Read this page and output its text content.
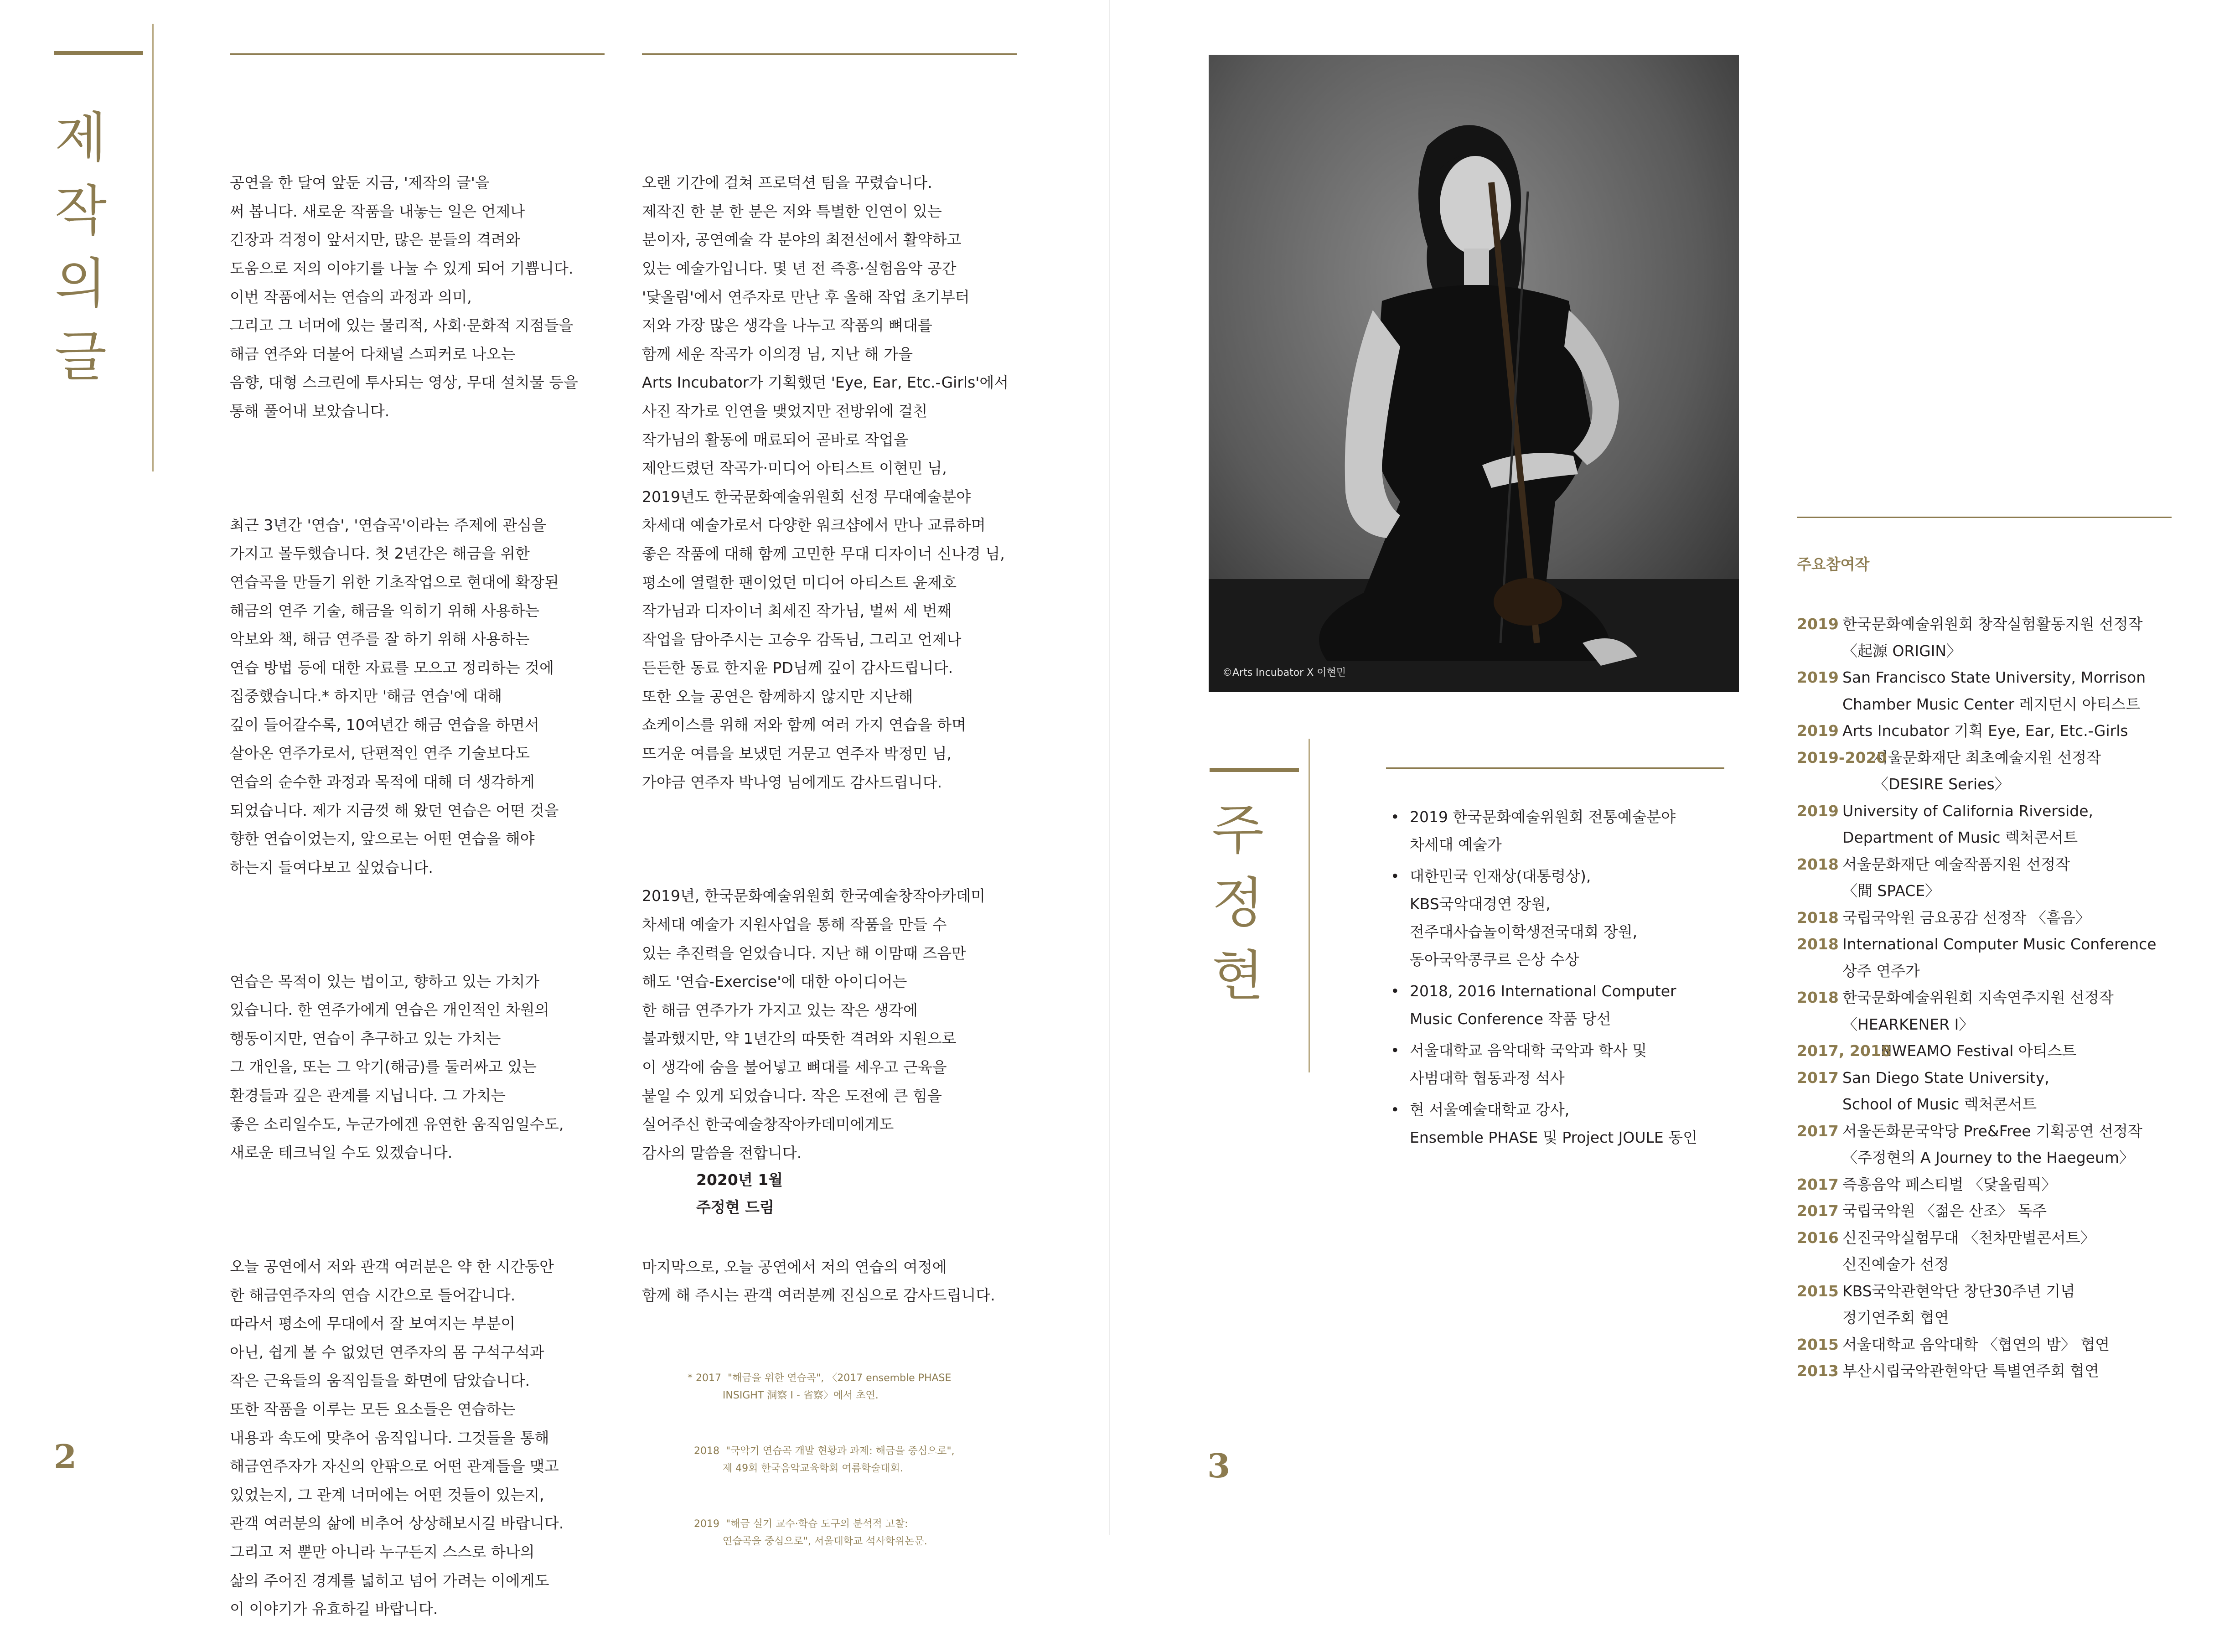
제
작
의
글

공연을 한 달여 앞둔 지금, '제작의 글'을
써 봅니다. 새로운 작품을 내놓는 일은 언제나
긴장과 걱정이 앞서지만, 많은 분들의 격려와
도움으로 저의 이야기를 나눌 수 있게 되어 기쁩니다.
이번 작품에서는 연습의 과정과 의미,
그리고 그 너머에 있는 물리적, 사회·문화적 지점들을
해금 연주와 더불어 다채널 스피커로 나오는
음향, 대형 스크린에 투사되는 영상, 무대 설치물 등을
통해 풀어내 보았습니다.

최근 3년간 '연습', '연습곡'이라는 주제에 관심을
가지고 몰두했습니다. 첫 2년간은 해금을 위한
연습곡을 만들기 위한 기초작업으로 현대에 확장된
해금의 연주 기술, 해금을 익히기 위해 사용하는
악보와 책, 해금 연주를 잘 하기 위해 사용하는
연습 방법 등에 대한 자료를 모으고 정리하는 것에
집중했습니다.* 하지만 '해금 연습'에 대해
깊이 들어갈수록, 10여년간 해금 연습을 하면서
살아온 연주가로서, 단편적인 연주 기술보다도
연습의 순수한 과정과 목적에 대해 더 생각하게
되었습니다. 제가 지금껏 해 왔던 연습은 어떤 것을
향한 연습이었는지, 앞으로는 어떤 연습을 해야
하는지 들여다보고 싶었습니다.

연습은 목적이 있는 법이고, 향하고 있는 가치가
있습니다. 한 연주가에게 연습은 개인적인 차원의
행동이지만, 연습이 추구하고 있는 가치는
그 개인을, 또는 그 악기(해금)를 둘러싸고 있는
환경들과 깊은 관계를 지닙니다. 그 가치는
좋은 소리일수도, 누군가에겐 유연한 움직임일수도,
새로운 테크닉일 수도 있겠습니다.

오늘 공연에서 저와 관객 여러분은 약 한 시간동안
한 해금연주자의 연습 시간으로 들어갑니다.
따라서 평소에 무대에서 잘 보여지는 부분이
아닌, 쉽게 볼 수 없었던 연주자의 몸 구석구석과
작은 근육들의 움직임들을 화면에 담았습니다.
또한 작품을 이루는 모든 요소들은 연습하는
내용과 속도에 맞추어 움직입니다. 그것들을 통해
해금연주자가 자신의 안팎으로 어떤 관계들을 맺고
있었는지, 그 관계 너머에는 어떤 것들이 있는지,
관객 여러분의 삶에 비추어 상상해보시길 바랍니다.
그리고 저 뿐만 아니라 누구든지 스스로 하나의
삶의 주어진 경계를 넓히고 넘어 가려는 이에게도
이 이야기가 유효하길 바랍니다.

오랜 기간에 걸쳐 프로덕션 팀을 꾸렸습니다.
제작진 한 분 한 분은 저와 특별한 인연이 있는
분이자, 공연예술 각 분야의 최전선에서 활약하고
있는 예술가입니다. 몇 년 전 즉흥·실험음악 공간
'닻올림'에서 연주자로 만난 후 올해 작업 초기부터
저와 가장 많은 생각을 나누고 작품의 뼈대를
함께 세운 작곡가 이의경 님, 지난 해 가을
Arts Incubator가 기획했던 'Eye, Ear, Etc.-Girls'에서
사진 작가로 인연을 맺었지만 전방위에 걸친
작가님의 활동에 매료되어 곧바로 작업을
제안드렸던 작곡가·미디어 아티스트 이현민 님,
2019년도 한국문화예술위원회 선정 무대예술분야
차세대 예술가로서 다양한 워크샵에서 만나 교류하며
좋은 작품에 대해 함께 고민한 무대 디자이너 신나경 님,
평소에 열렬한 팬이었던 미디어 아티스트 윤제호
작가님과 디자이너 최세진 작가님, 벌써 세 번째
작업을 담아주시는 고승우 감독님, 그리고 언제나
든든한 동료 한지윤 PD님께 깊이 감사드립니다.
또한 오늘 공연은 함께하지 않지만 지난해
쇼케이스를 위해 저와 함께 여러 가지 연습을 하며
뜨거운 여름을 보냈던 거문고 연주자 박정민 님,
가야금 연주자 박나영 님에게도 감사드립니다.

2019년, 한국문화예술위원회 한국예술창작아카데미
차세대 예술가 지원사업을 통해 작품을 만들 수
있는 추진력을 얻었습니다. 지난 해 이맘때 즈음만
해도 '연습-Exercise'에 대한 아이디어는
한 해금 연주가가 가지고 있는 작은 생각에
불과했지만, 약 1년간의 따뜻한 격려와 지원으로
이 생각에 숨을 불어넣고 뼈대를 세우고 근육을
붙일 수 있게 되었습니다. 작은 도전에 큰 힘을
실어주신 한국예술창작아카데미에게도
감사의 말씀을 전합니다.

마지막으로, 오늘 공연에서 저의 연습의 여정에
함께 해 주시는 관객 여러분께 진심으로 감사드립니다.

2020년 1월
주정현 드림

* 2017  "해금을 위한 연습곡", 〈2017 ensemble PHASE
INSIGHT 洞察 I - 省察〉에서 초연.

2018  "국악기 연습곡 개발 현황과 과제: 해금을 중심으로",
제 49회 한국음악교육학회 여름학술대회.

2019  "해금 실기 교수·학습 도구의 분석적 고찰:
연습곡을 중심으로", 서울대학교 석사학위논문.

2
©Arts Incubator X 이현민
주
정
현
• 2019 한국문화예술위원회 전통예술분야
차세대 예술가
• 대한민국 인재상(대통령상),
KBS국악대경연 장원,
전주대사습놀이학생전국대회 장원,
동아국악콩쿠르 은상 수상
• 2018, 2016 International Computer
Music Conference 작품 당선
• 서울대학교 음악대학 국악과 학사 및
사범대학 협동과정 석사
• 현 서울예술대학교 강사,
Ensemble PHASE 및 Project JOULE 동인
주요참여작
2019 한국문화예술위원회 창작실험활동지원 선정작
〈起源 ORIGIN〉
2019 San Francisco State University, Morrison
Chamber Music Center 레지던시 아티스트
2019 Arts Incubator 기획 Eye, Ear, Etc.-Girls
2019-2020
서울문화재단 최초예술지원 선정작
〈DESIRE Series〉
2019 University of California Riverside,
Department of Music 렉처콘서트
2018 서울문화재단 예술작품지원 선정작
〈間 SPACE〉
2018 국립국악원 금요공감 선정작 〈흩음〉
2018 International Computer Music Conference
상주 연주가
2018 한국문화예술위원회 지속연주지원 선정작
〈HEARKENER I〉
2017, 2018
NWEAMO Festival 아티스트
2017 San Diego State University,
School of Music 렉처콘서트
2017 서울돈화문국악당 Pre&Free 기획공연 선정작
〈주정현의 A Journey to the Haegeum〉
2017 즉흥음악 페스티벌 〈닻올림픽〉
2017 국립국악원 〈젊은 산조〉 독주
2016 신진국악실험무대 〈천차만별콘서트〉
신진예술가 선정
2015 KBS국악관현악단 창단30주년 기념
정기연주회 협연
2015 서울대학교 음악대학 〈협연의 밤〉 협연
2013 부산시립국악관현악단 특별연주회 협연
3
